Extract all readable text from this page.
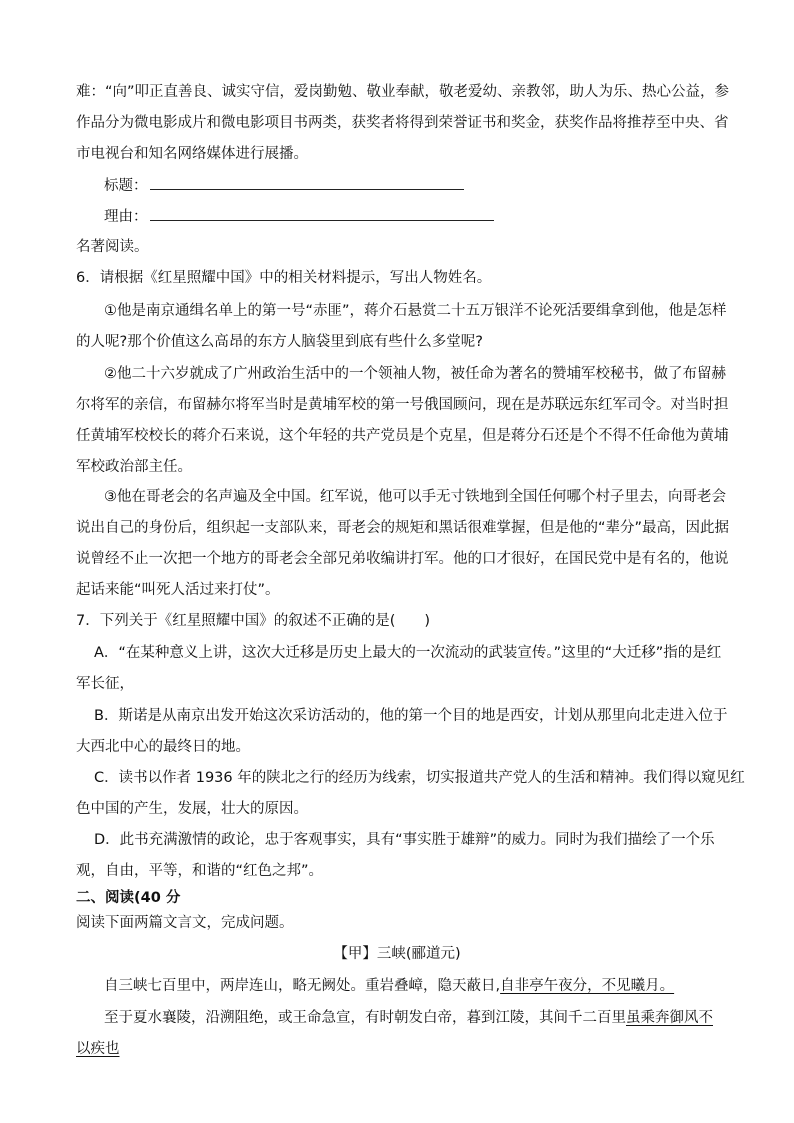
难：“向”叩正直善良、诚实守信，爱岗勤勉、敬业奉献，敬老爱幼、亲教邻，助人为乐、热心公益，参
作品分为微电影成片和微电影项目书两类，获奖者将得到荣誉证书和奖金，获奖作品将推荐至中央、省
市电视台和知名网络媒体进行展播。
标题：
理由：
名著阅读。
6．请根据《红星照耀中国》中的相关材料提示，写出人物姓名。
①他是南京通缉名单上的第一号“赤匪”，蒋介石悬赏二十五万银洋不论死活要缉拿到他，他是怎样
的人呢?那个价值这么高昂的东方人脑袋里到底有些什么多堂呢?
②他二十六岁就成了广州政治生活中的一个领袖人物，被任命为著名的赞埔军校秘书，做了布留赫
尔将军的亲信，布留赫尔将军当时是黄埔军校的第一号俄国顾问，现在是苏联远东红军司令。对当时担
任黄埔军校校长的蒋介石来说，这个年轻的共产党员是个克星，但是蒋分石还是个不得不任命他为黄埔
军校政治部主任。
③他在哥老会的名声遍及全中国。红军说，他可以手无寸铁地到全国任何哪个村子里去，向哥老会
说出自己的身份后，组织起一支部队来，哥老会的规矩和黑话很难掌握，但是他的“辈分”最高，因此据
说曾经不止一次把一个地方的哥老会全部兄弟收编讲打军。他的口才很好，在国民党中是有名的，他说
起话来能“叫死人活过来打仗”。
7．下列关于《红星照耀中国》的叙述不正确的是(　　)
A．“在某种意义上讲，这次大迁移是历史上最大的一次流动的武装宣传。”这里的“大迁移”指的是红
军长征，
B．斯诺是从南京出发开始这次采访活动的，他的第一个目的地是西安，计划从那里向北走进入位于
大西北中心的最终日的地。
C．读书以作者 1936 年的陕北之行的经历为线索，切实报道共产党人的生活和精神。我们得以窥见红
色中国的产生，发展，壮大的原因。
D．此书充满激情的政论，忠于客观事实，具有“事实胜于雄辩”的威力。同时为我们描绘了一个乐
观，自由，平等，和谐的“红色之邦”。
二、阅读(40 分
阅读下面两篇文言文，完成问题。
【甲】三峡(郦道元)
自三峡七百里中，两岸连山，略无阙处。重岩叠嶂，隐天蔽日,自非亭午夜分，不见曦月。
至于夏水襄陵，沿溯阻绝，或王命急宣，有时朝发白帝，暮到江陵，其间千二百里虽乘奔御风不
以疾也
